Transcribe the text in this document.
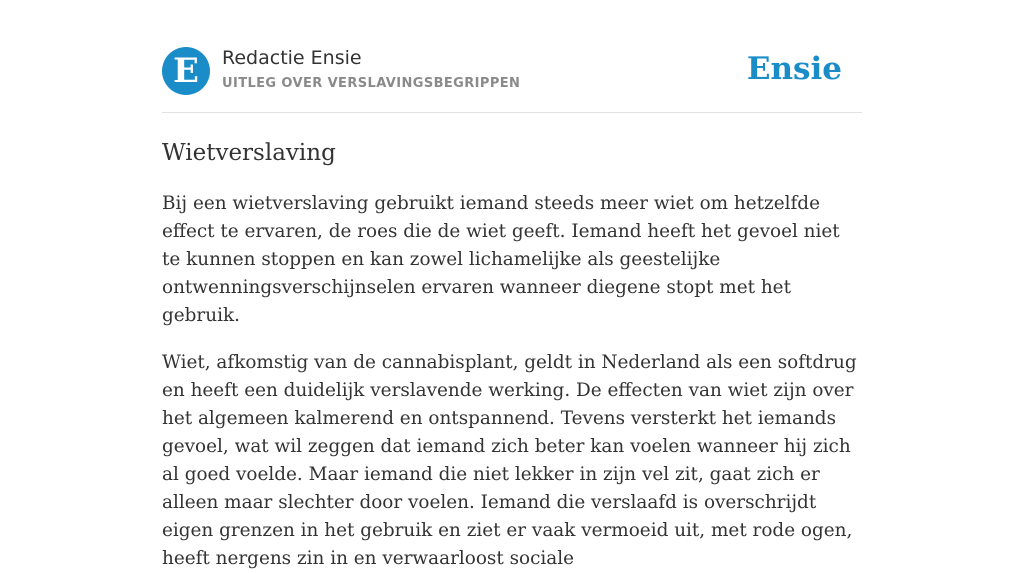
E	Redactie Ensie
UITLEG OVER VERSLAVINGSBEGRIPPEN	Ensie
Wietverslaving

Bij een wietverslaving gebruikt iemand steeds meer wiet om hetzelfde effect te ervaren, de roes die de wiet geeft. Iemand heeft het gevoel niet te kunnen stoppen en kan zowel lichamelijke als geestelijke ontwenningsverschijnselen ervaren wanneer diegene stopt met het gebruik.

Wiet, afkomstig van de cannabisplant, geldt in Nederland als een softdrug en heeft een duidelijk verslavende werking. De effecten van wiet zijn over het algemeen kalmerend en ontspannend. Tevens versterkt het iemands gevoel, wat wil zeggen dat iemand zich beter kan voelen wanneer hij zich al goed voelde. Maar iemand die niet lekker in zijn vel zit, gaat zich er alleen maar slechter door voelen. Iemand die verslaafd is overschrijdt eigen grenzen in het gebruik en ziet er vaak vermoeid uit, met rode ogen, heeft nergens zin in en verwaarloost sociale
